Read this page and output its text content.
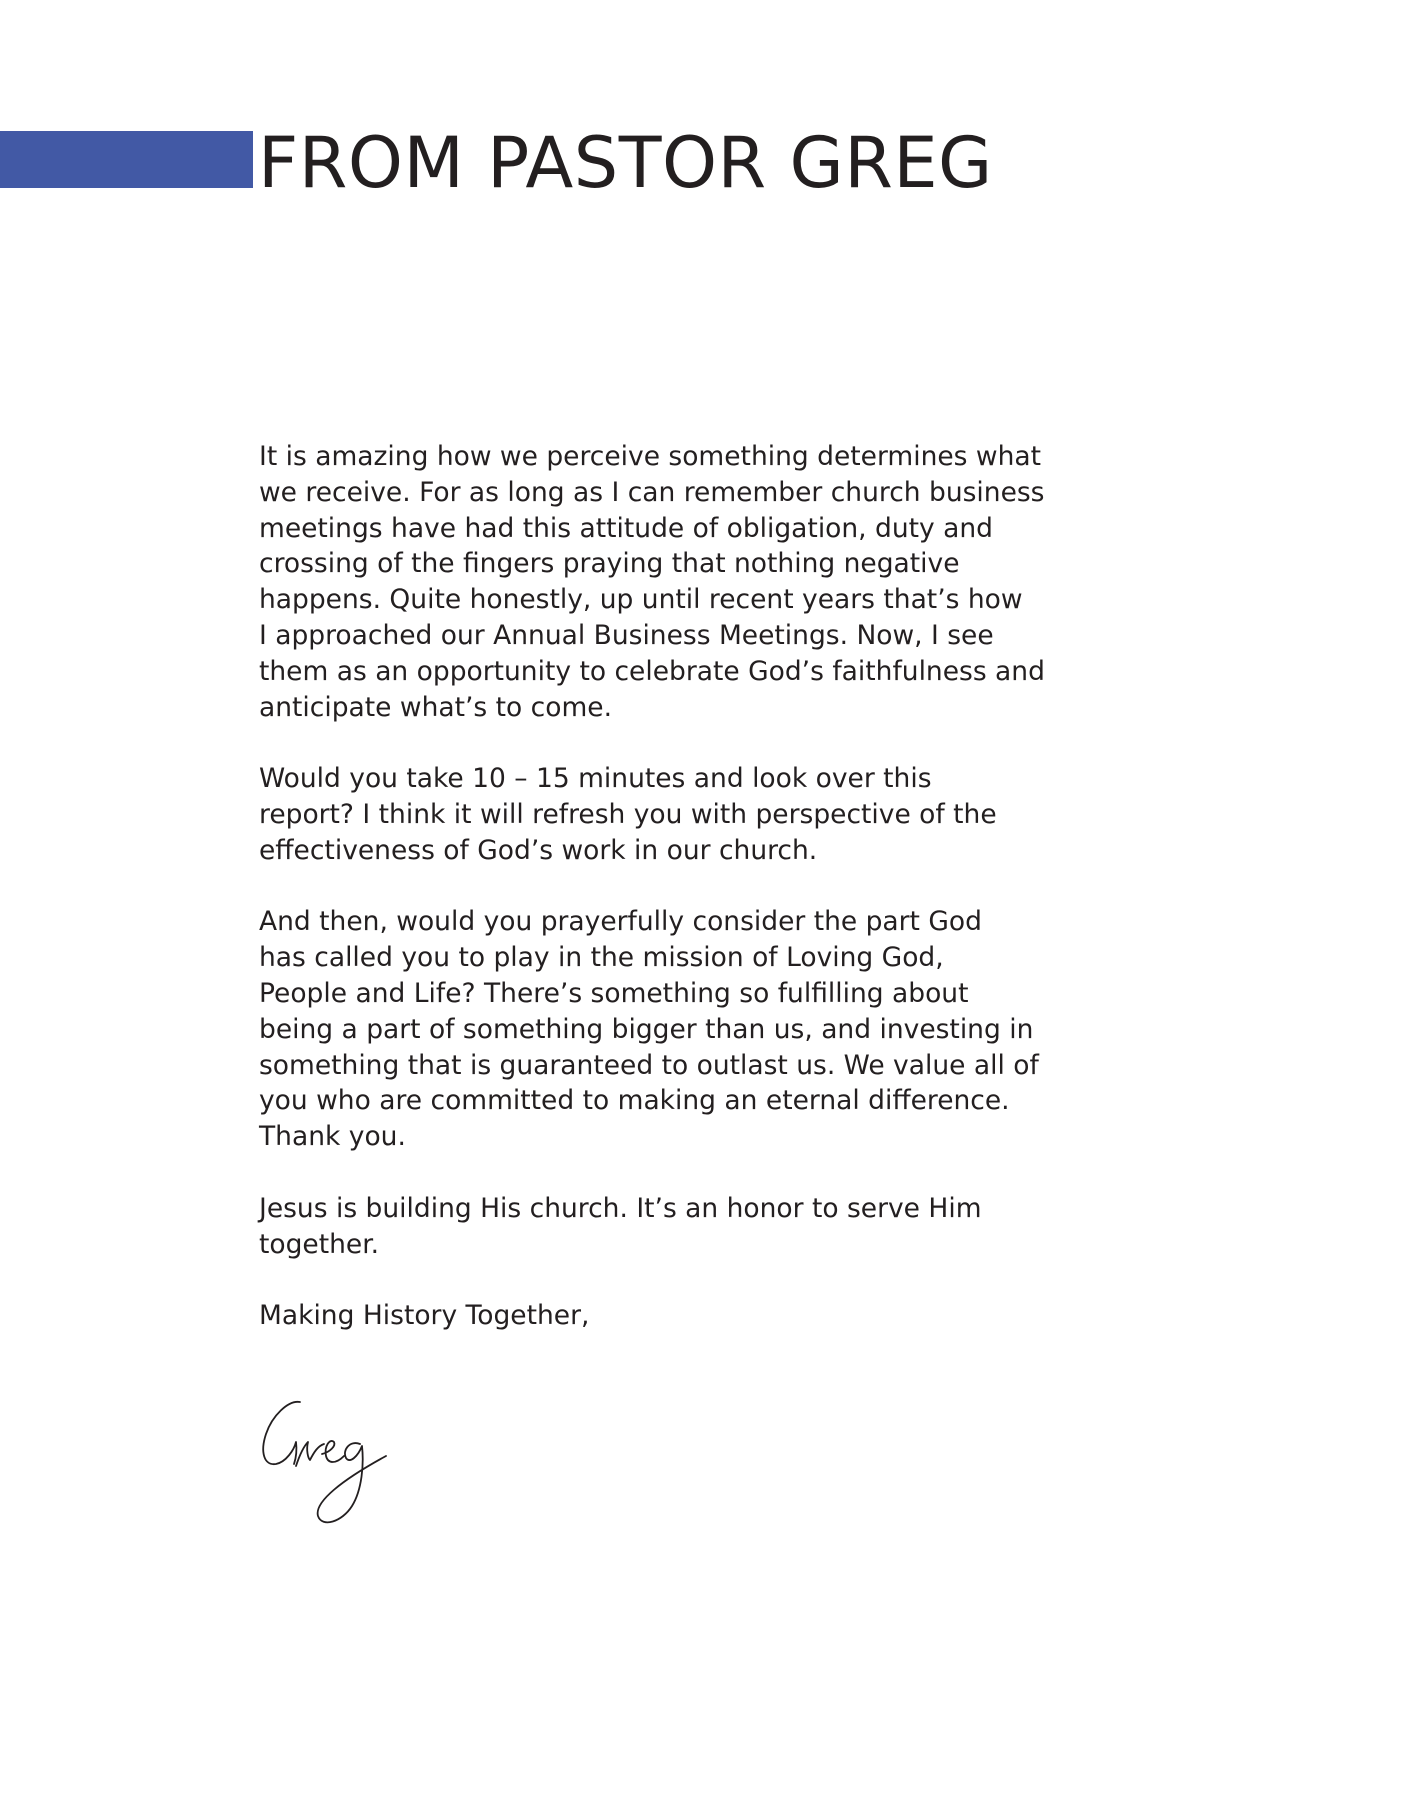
FROM PASTOR GREG

It is amazing how we perceive something determines what
we receive. For as long as I can remember church business
meetings have had this attitude of obligation, duty and
crossing of the fingers praying that nothing negative
happens. Quite honestly, up until recent years that’s how
I approached our Annual Business Meetings. Now, I see
them as an opportunity to celebrate God’s faithfulness and
anticipate what’s to come.

Would you take 10 – 15 minutes and look over this
report? I think it will refresh you with perspective of the
effectiveness of God’s work in our church.

And then, would you prayerfully consider the part God
has called you to play in the mission of Loving God,
People and Life? There’s something so fulfilling about
being a part of something bigger than us, and investing in
something that is guaranteed to outlast us. We value all of
you who are committed to making an eternal difference.
Thank you.

Jesus is building His church. It’s an honor to serve Him
together.

Making History Together,
